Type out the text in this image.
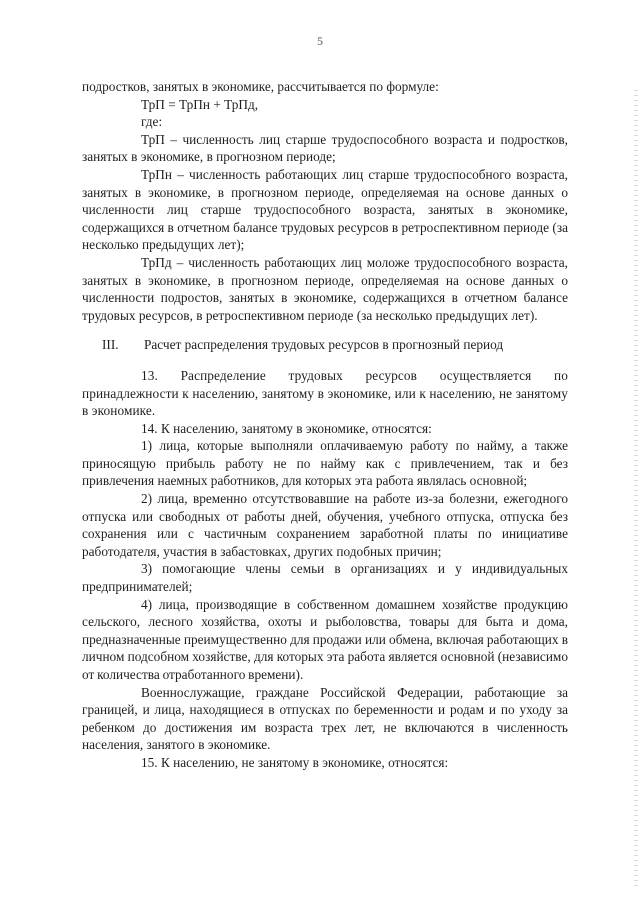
5

подростков, занятых в экономике, рассчитывается по формуле:

ТрП = ТрПн + ТрПд,

где:

ТрП – численность лиц старше трудоспособного возраста и подростков, занятых в экономике, в прогнозном периоде;

ТрПн – численность работающих лиц старше трудоспособного возраста, занятых в экономике, в прогнозном периоде, определяемая на основе данных о численности лиц старше трудоспособного возраста, занятых в экономике, содержащихся в отчетном балансе трудовых ресурсов в ретроспективном периоде (за несколько предыдущих лет);

ТрПд – численность работающих лиц моложе трудоспособного возраста, занятых в экономике, в прогнозном периоде, определяемая на основе данных о численности подростов, занятых в экономике, содержащихся в отчетном балансе трудовых ресурсов, в ретроспективном периоде (за несколько предыдущих лет).

III. Расчет распределения трудовых ресурсов в прогнозный период

13. Распределение трудовых ресурсов осуществляется по принадлежности к населению, занятому в экономике, или к населению, не занятому в экономике.

14. К населению, занятому в экономике, относятся:

1) лица, которые выполняли оплачиваемую работу по найму, а также приносящую прибыль работу не по найму как с привлечением, так и без привлечения наемных работников, для которых эта работа являлась основной;

2) лица, временно отсутствовавшие на работе из-за болезни, ежегодного отпуска или свободных от работы дней, обучения, учебного отпуска, отпуска без сохранения или с частичным сохранением заработной платы по инициативе работодателя, участия в забастовках, других подобных причин;

3) помогающие члены семьи в организациях и у индивидуальных предпринимателей;

4) лица, производящие в собственном домашнем хозяйстве продукцию сельского, лесного хозяйства, охоты и рыболовства, товары для быта и дома, предназначенные преимущественно для продажи или обмена, включая работающих в личном подсобном хозяйстве, для которых эта работа является основной (независимо от количества отработанного времени).

Военнослужащие, граждане Российской Федерации, работающие за границей, и лица, находящиеся в отпусках по беременности и родам и по уходу за ребенком до достижения им возраста трех лет, не включаются в численность населения, занятого в экономике.

15. К населению, не занятому в экономике, относятся:
